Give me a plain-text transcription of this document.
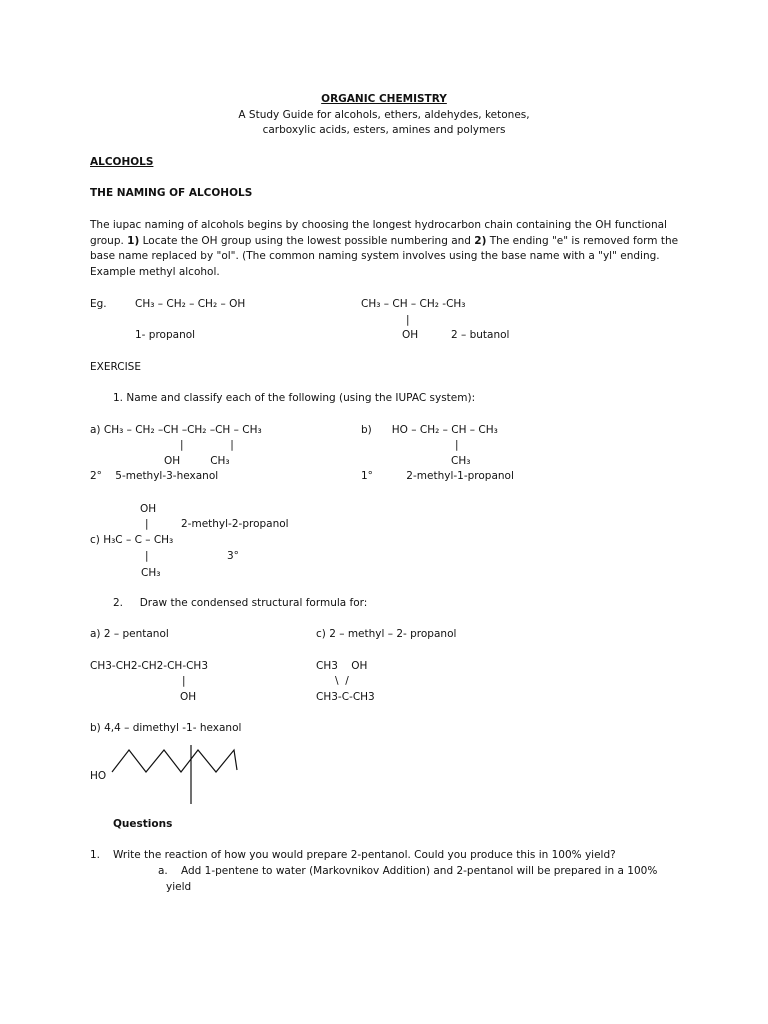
ORGANIC CHEMISTRY
A Study Guide for alcohols, ethers, aldehydes, ketones,
carboxylic acids, esters, amines and polymers
ALCOHOLS
THE NAMING OF ALCOHOLS
The iupac naming of alcohols begins by choosing the longest hydrocarbon chain containing the OH functional
group. 1) Locate the OH group using the lowest possible numbering and 2) The ending "e" is removed form the
base name replaced by "ol". (The common naming system involves using the base name with a "yl" ending.
Example methyl alcohol.
Eg.	CH₃ – CH₂ – CH₂ – OH
1- propanol
CH₃ – CH – CH₂ -CH₃
|
OH	2 – butanol
EXERCISE
1. Name and classify each of the following (using the IUPAC system):
a) CH₃ – CH₂ –CH –CH₂ –CH – CH₃
|              |
OH         CH₃
2°    5-methyl-3-hexanol
b)      HO – CH₂ – CH – CH₃
|
CH₃
1°          2-methyl-1-propanol
OH
|	2-methyl-2-propanol
c) H₃C – C – CH₃
|	3°
CH₃
2.     Draw the condensed structural formula for:
a) 2 – pentanol
CH3-CH2-CH2-CH-CH3
|
OH
c) 2 – methyl – 2- propanol
CH3    OH
\  /
CH3-C-CH3
b) 4,4 – dimethyl -1- hexanol
HO
Questions
1. Write the reaction of how you would prepare 2-pentanol. Could you produce this in 100% yield?
a. Add 1-pentene to water (Markovnikov Addition) and 2-pentanol will be prepared in a 100%
yield
